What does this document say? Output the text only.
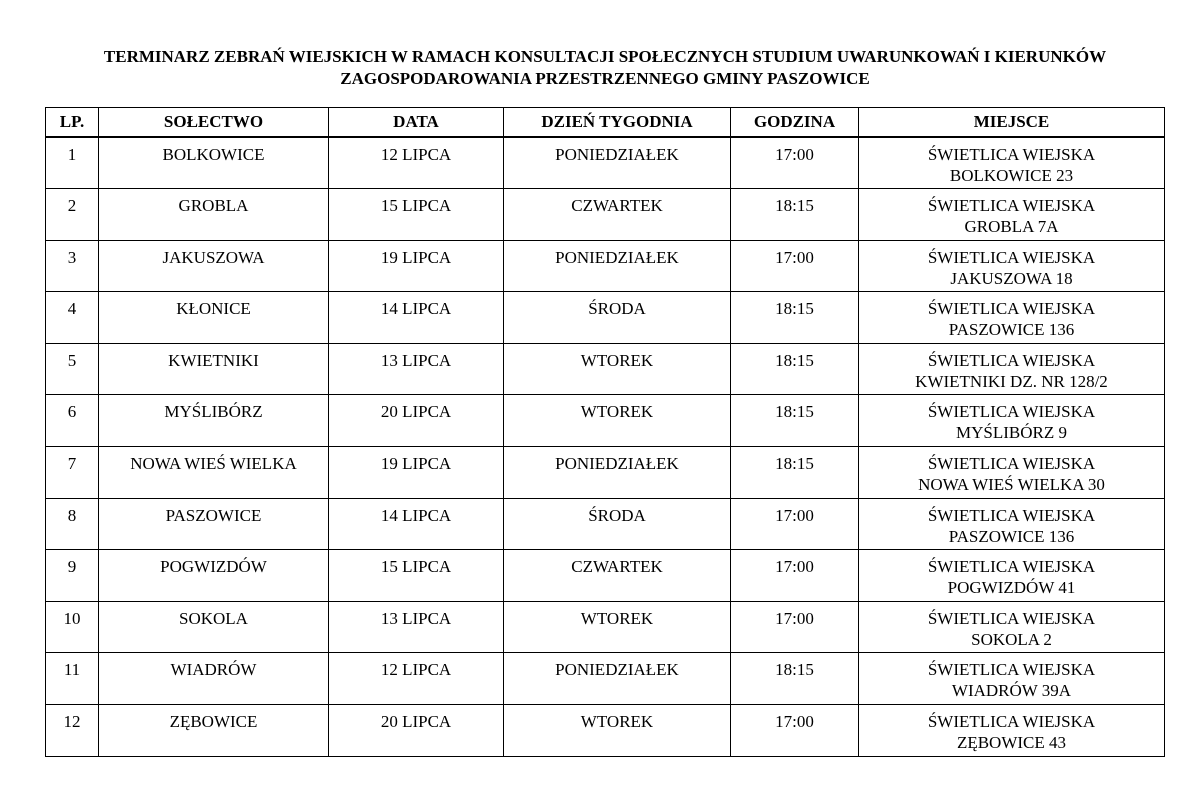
TERMINARZ ZEBRAŃ WIEJSKICH W RAMACH KONSULTACJI SPOŁECZNYCH STUDIUM UWARUNKOWAŃ I KIERUNKÓW
ZAGOSPODAROWANIA PRZESTRZENNEGO GMINY PASZOWICE
LP.	SOŁECTWO	DATA	DZIEŃ TYGODNIA	GODZINA	MIEJSCE
1	BOLKOWICE	12 LIPCA	PONIEDZIAŁEK	17:00	ŚWIETLICA WIEJSKA
BOLKOWICE 23

2	GROBLA	15 LIPCA	CZWARTEK	18:15	ŚWIETLICA WIEJSKA
GROBLA 7A

3	JAKUSZOWA	19 LIPCA	PONIEDZIAŁEK	17:00	ŚWIETLICA WIEJSKA
JAKUSZOWA 18

4	KŁONICE	14 LIPCA	ŚRODA	18:15	ŚWIETLICA WIEJSKA
PASZOWICE 136

5	KWIETNIKI	13 LIPCA	WTOREK	18:15	ŚWIETLICA WIEJSKA
KWIETNIKI DZ. NR 128/2

6	MYŚLIBÓRZ	20 LIPCA	WTOREK	18:15	ŚWIETLICA WIEJSKA
MYŚLIBÓRZ 9

7	NOWA WIEŚ WIELKA	19 LIPCA	PONIEDZIAŁEK	18:15	ŚWIETLICA WIEJSKA
NOWA WIEŚ WIELKA 30

8	PASZOWICE	14 LIPCA	ŚRODA	17:00	ŚWIETLICA WIEJSKA
PASZOWICE 136

9	POGWIZDÓW	15 LIPCA	CZWARTEK	17:00	ŚWIETLICA WIEJSKA
POGWIZDÓW 41

10	SOKOLA	13 LIPCA	WTOREK	17:00	ŚWIETLICA WIEJSKA
SOKOLA 2

11	WIADRÓW	12 LIPCA	PONIEDZIAŁEK	18:15	ŚWIETLICA WIEJSKA
WIADRÓW 39A

12	ZĘBOWICE	20 LIPCA	WTOREK	17:00	ŚWIETLICA WIEJSKA
ZĘBOWICE 43
